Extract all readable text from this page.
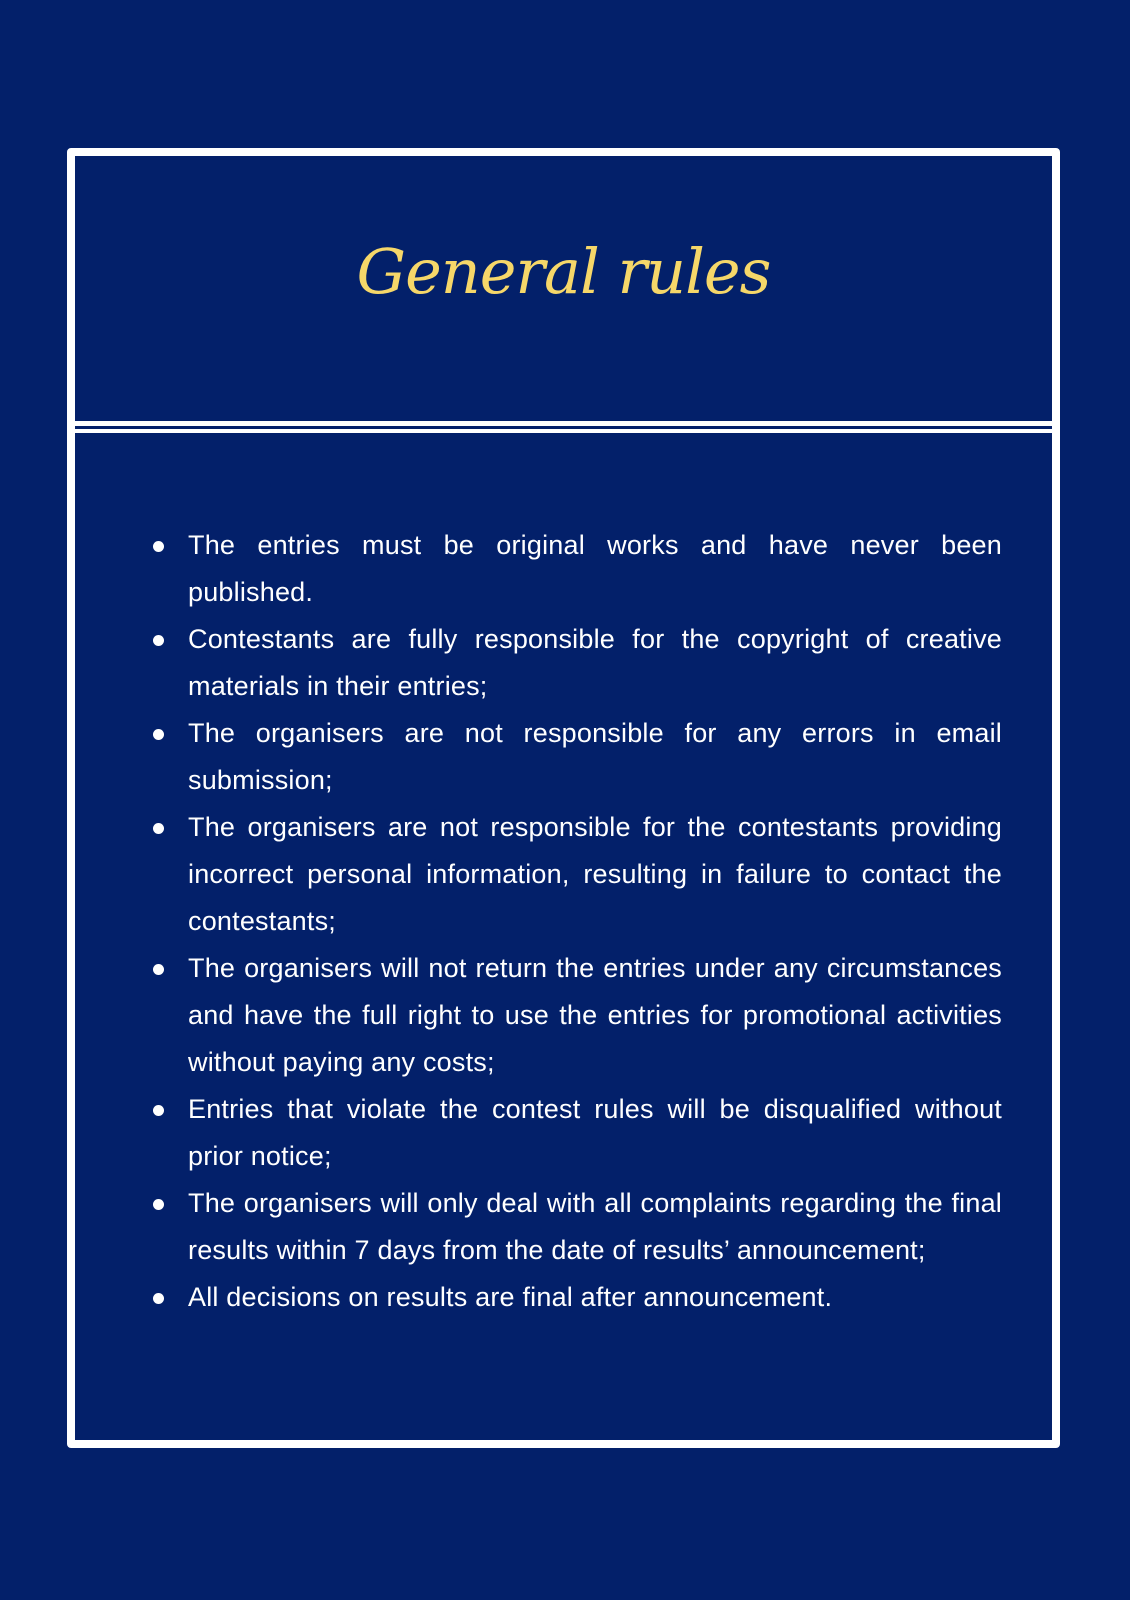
General rules
The entries must be original works and have never been published.
Contestants are fully responsible for the copyright of creative materials in their entries;
The organisers are not responsible for any errors in email submission;
The organisers are not responsible for the contestants providing incorrect personal information, resulting in failure to contact the contestants;
The organisers will not return the entries under any circumstances and have the full right to use the entries for promotional activities without paying any costs;
Entries that violate the contest rules will be disqualified without prior notice;
The organisers will only deal with all complaints regarding the final results within 7 days from the date of results’ announcement;
All decisions on results are final after announcement.
